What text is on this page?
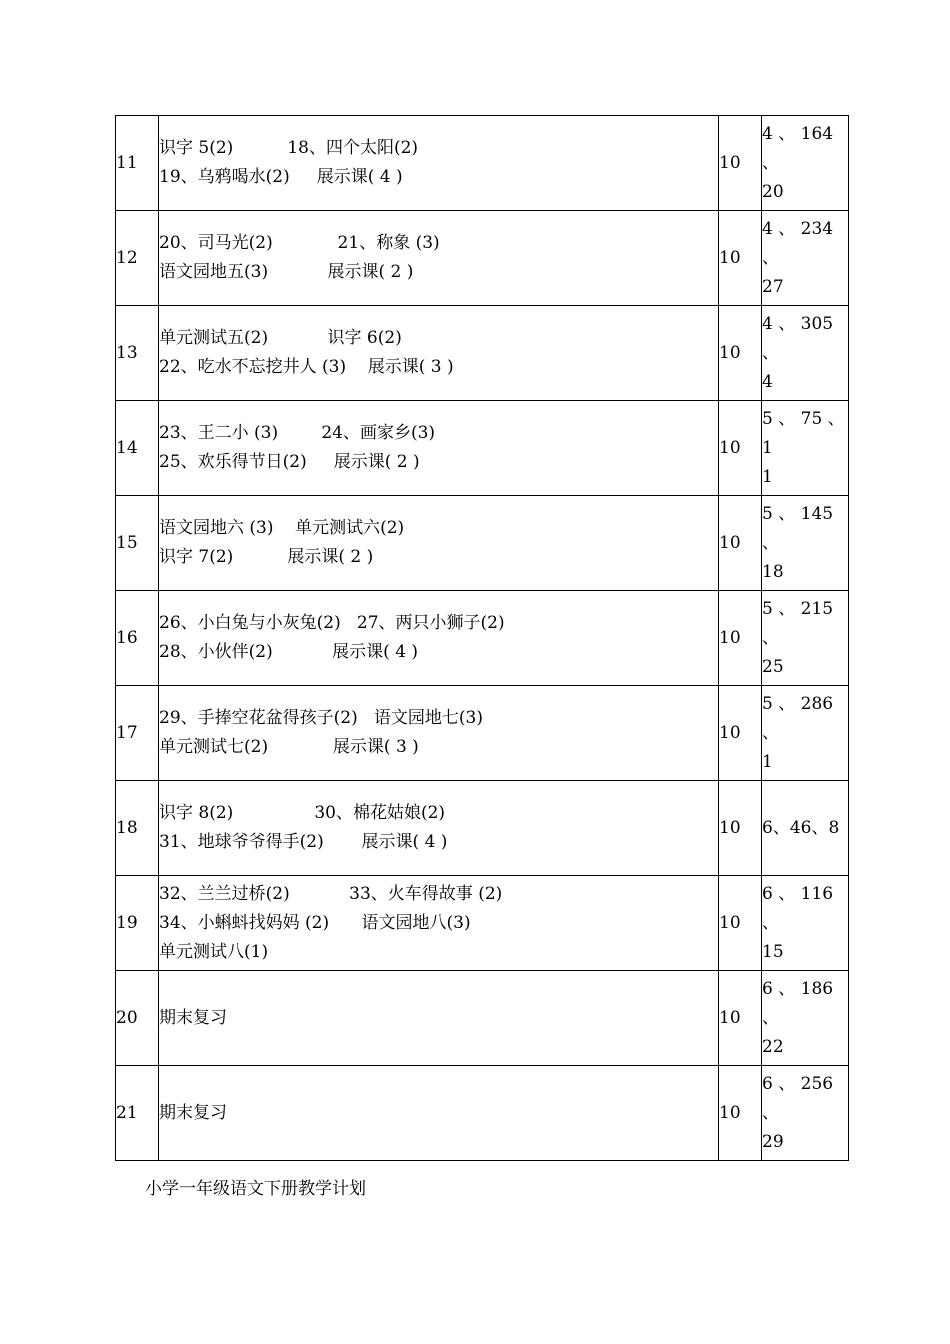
11	识字 5(2)          18、四个太阳(2)
19、乌鸦喝水(2)     展示课( 4 )	10	4 、 164 、
20
12	20、司马光(2)            21、称象 (3)
语文园地五(3)           展示课( 2 )	10	4 、 234 、
27
13	单元测试五(2)           识字 6(2)
22、吃水不忘挖井人 (3)    展示课( 3 )	10	4 、 305 、
4
14	23、王二小 (3)        24、画家乡(3)
25、欢乐得节日(2)     展示课( 2 )	10	5 、 75 、 1
1
15	语文园地六 (3)    单元测试六(2)
识字 7(2)          展示课( 2 )	10	5 、 145 、
18
16	26、小白兔与小灰兔(2)   27、两只小狮子(2)
28、小伙伴(2)           展示课( 4 )	10	5 、 215 、
25
17	29、手捧空花盆得孩子(2)   语文园地七(3)
单元测试七(2)            展示课( 3 )	10	5 、 286 、
1
18	识字 8(2)               30、棉花姑娘(2)
31、地球爷爷得手(2)       展示课( 4 )	10	6、46、8
19	32、兰兰过桥(2)           33、火车得故事 (2)
34、小蝌蚪找妈妈 (2)      语文园地八(3)
单元测试八(1)	10	6 、 116 、
15
20	期末复习	10	6 、 186 、
22
21	期末复习	10	6 、 256 、
29
小学一年级语文下册教学计划
